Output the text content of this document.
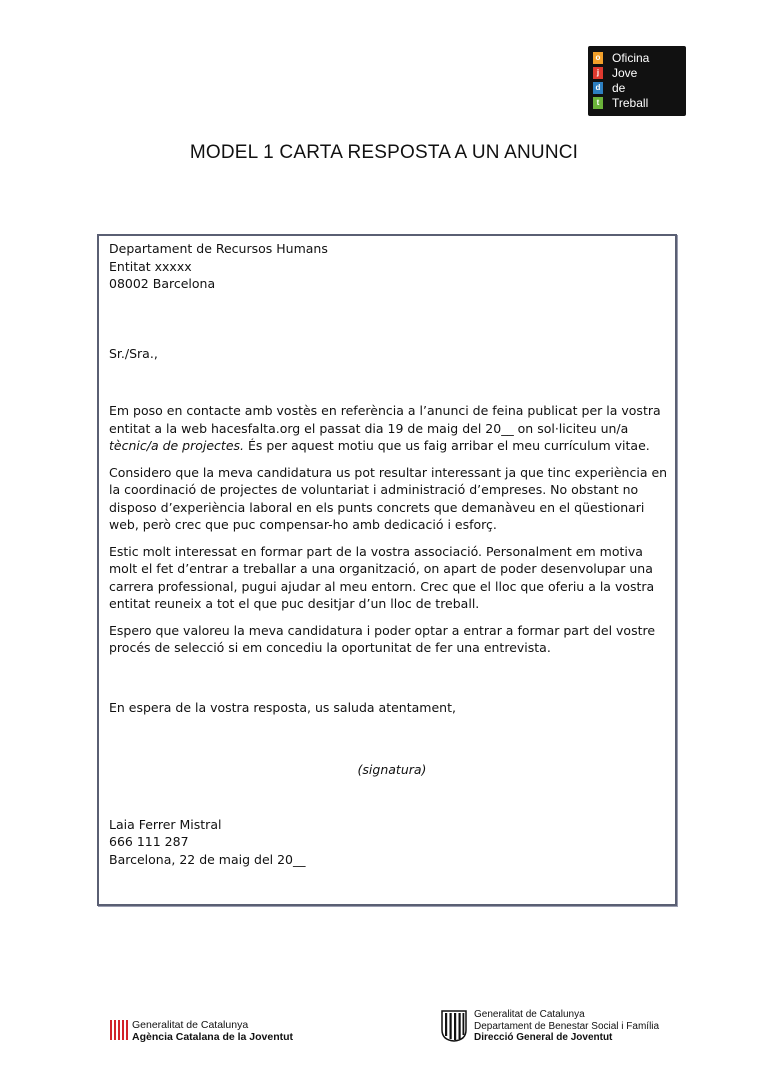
o
j
d
t
Oficina
Jove
de
Treball
MODEL 1 CARTA RESPOSTA A UN ANUNCI

Departament de Recursos Humans

Entitat xxxxx

08002 Barcelona

Sr./Sra.,

Em poso en contacte amb vostès en referència a l’anunci de feina publicat per la vostra entitat a la web hacesfalta.org el passat dia 19 de maig del 20__ on sol·liciteu un/a tècnic/a de projectes. És per aquest motiu que us faig arribar el meu currículum vitae.

Considero que la meva candidatura us pot resultar interessant ja que tinc experiència en la coordinació de projectes de voluntariat i administració d’empreses. No obstant no disposo d’experiència laboral en els punts concrets que demanàveu en el qüestionari web, però crec que puc compensar-ho amb dedicació i esforç.

Estic molt interessat en formar part de la vostra associació. Personalment em motiva molt el fet d’entrar a treballar a una organització, on apart de poder desenvolupar una carrera professional, pugui ajudar al meu entorn. Crec que el lloc que oferiu a la vostra entitat reuneix a tot el que puc desitjar d’un lloc de treball.

Espero que valoreu la meva candidatura i poder optar a entrar a formar part del vostre procés de selecció si em concediu la oportunitat de fer una entrevista.

En espera de la vostra resposta, us saluda atentament,

(signatura)

Laia Ferrer Mistral

666 111 287

Barcelona, 22 de maig del 20__

Generalitat de Catalunya
Agència Catalana de la Joventut
Generalitat de Catalunya
Departament de Benestar Social i Família
Direcció General de Joventut
